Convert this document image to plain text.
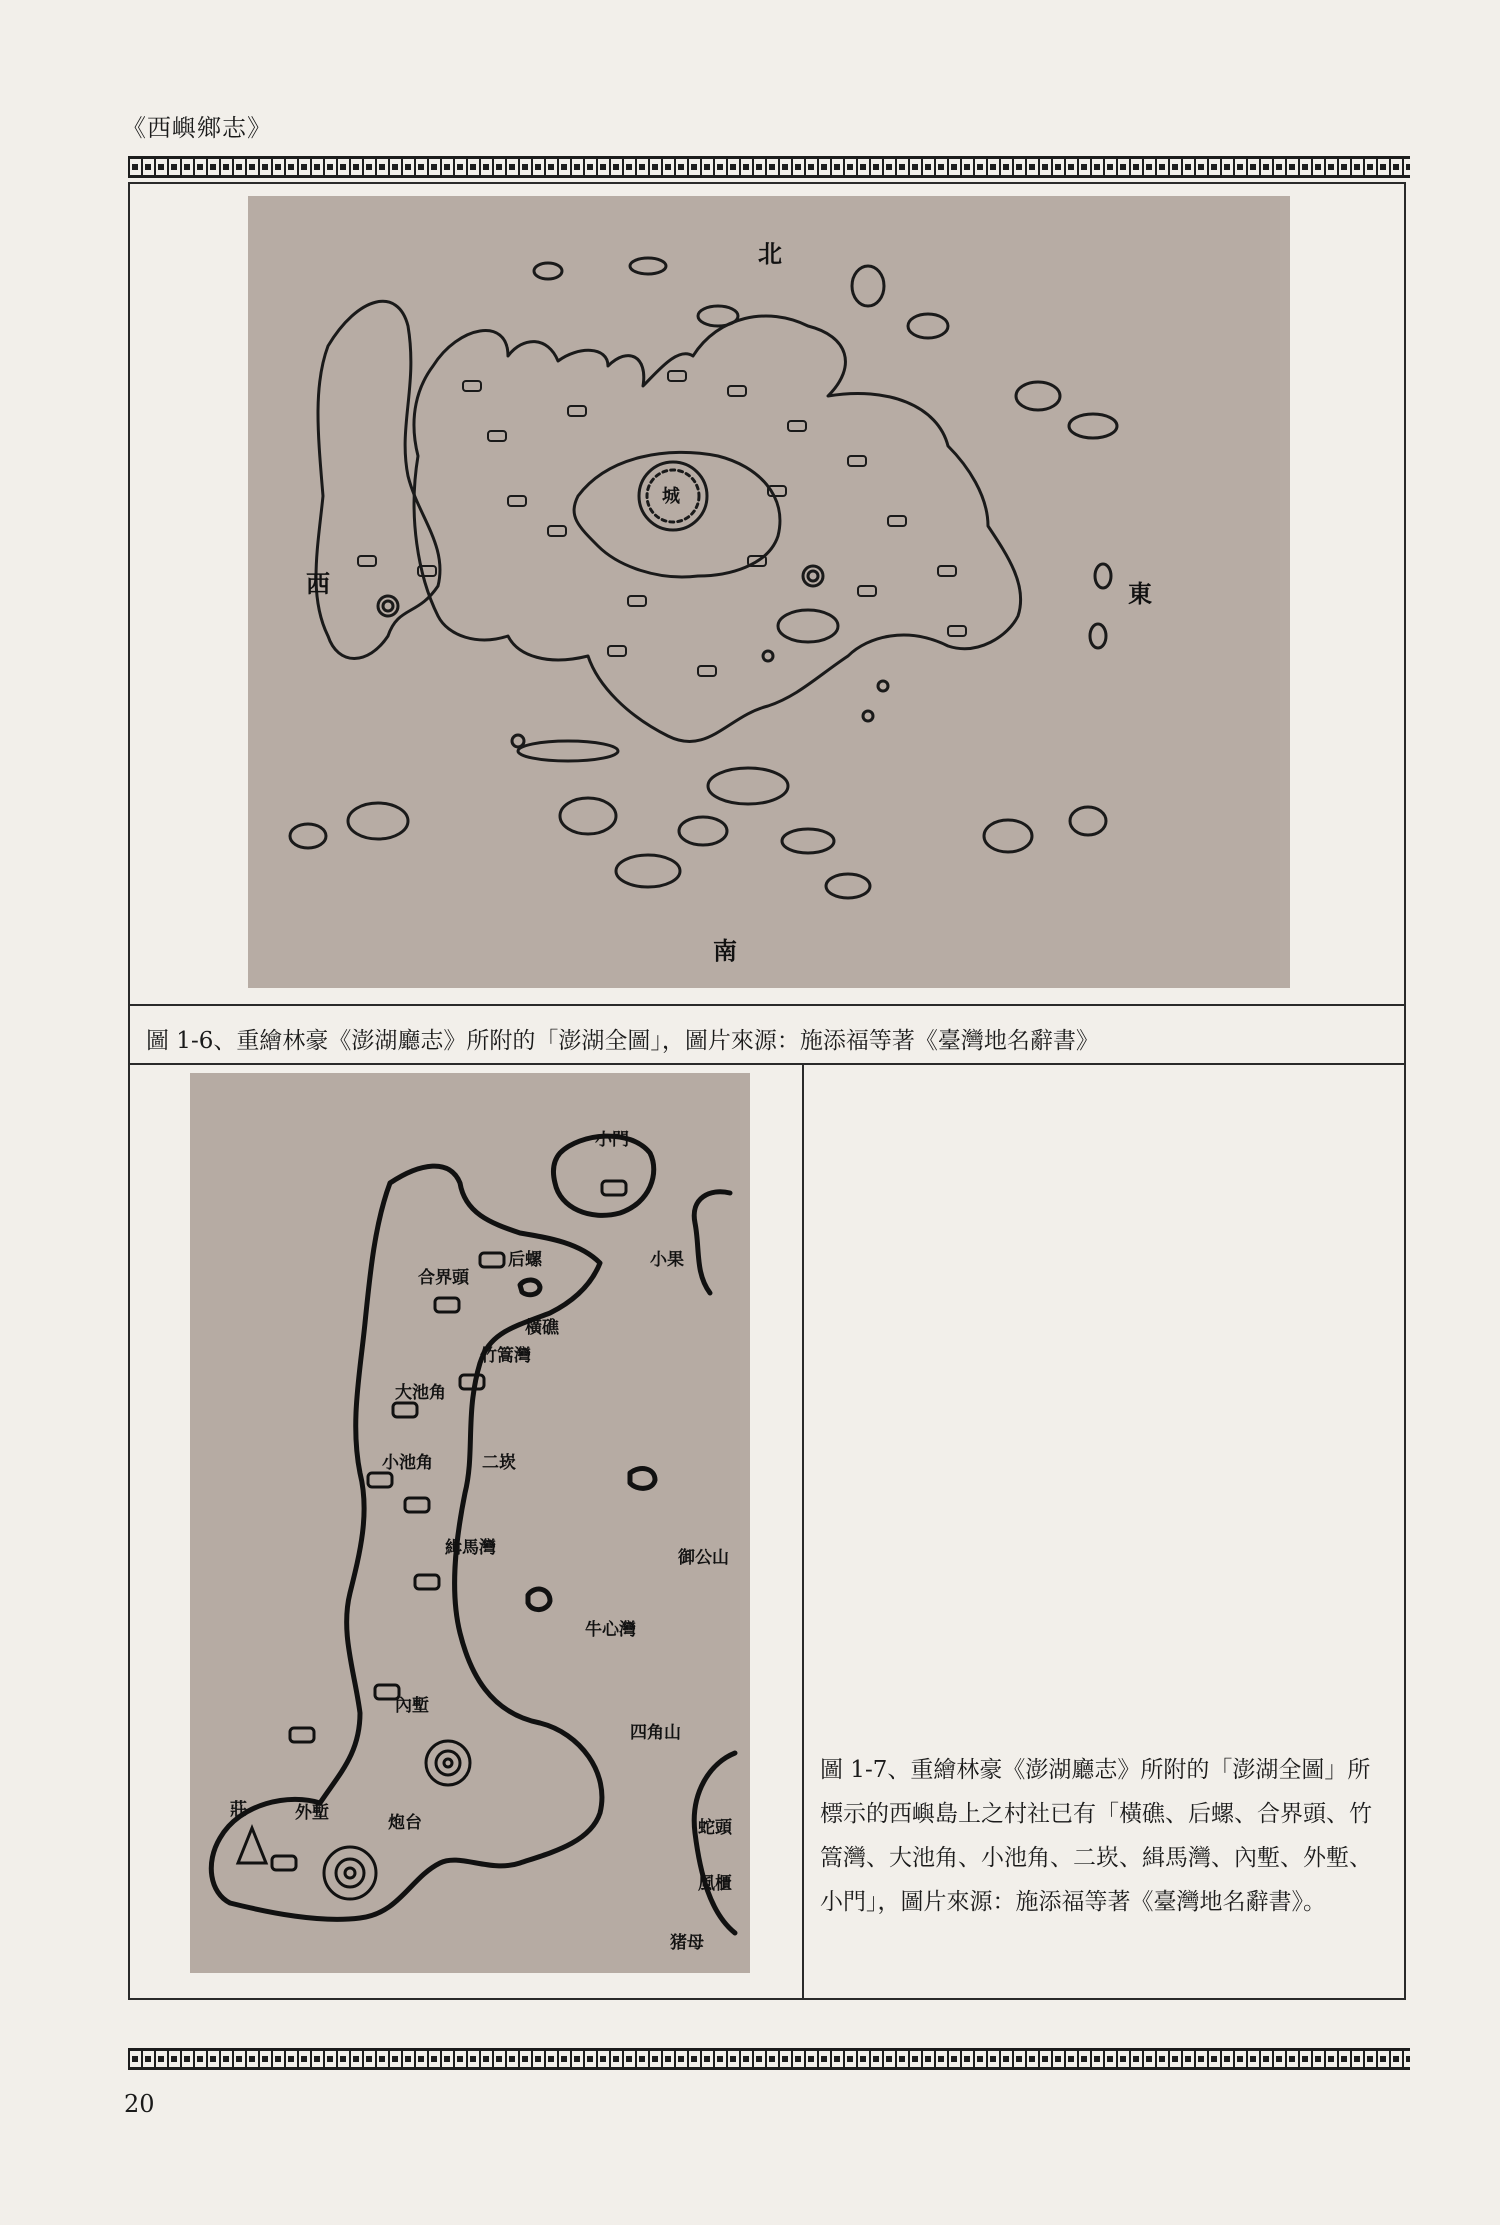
《西嶼鄉志》
城
北
南
東
西
圖 1-6、重繪林豪《澎湖廳志》所附的「澎湖全圖」，圖片來源：施添福等著《臺灣地名辭書》
小門
后螺
合界頭
小果
橫礁
竹篙灣
大池角
二崁
小池角
緝馬灣	御公山
牛心灣
內塹
四角山
外塹	炮台	蛇頭
風櫃
莊
猪母
圖 1-7、重繪林豪《澎湖廳志》所附的「澎湖全圖」所標示的西嶼島上之村社已有「橫礁、后螺、合界頭、竹篙灣、大池角、小池角、二崁、緝馬灣、內塹、外塹、小門」，圖片來源：施添福等著《臺灣地名辭書》。
20
